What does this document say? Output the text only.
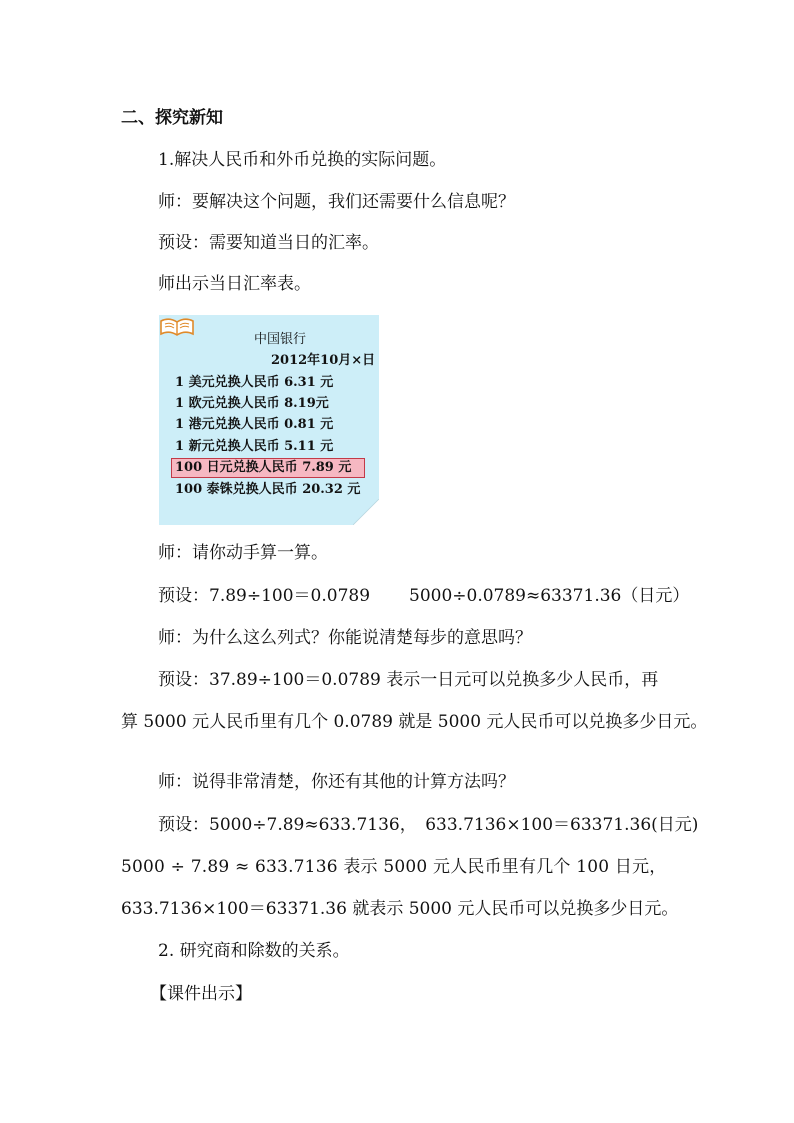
二、探究新知
1.解决人民币和外币兑换的实际问题。
师：要解决这个问题，我们还需要什么信息呢？
预设：需要知道当日的汇率。
师出示当日汇率表。
中国银行
2012年10月×日
1 美元兑换人民币 6.31 元
1 欧元兑换人民币 8.19元
1 港元兑换人民币 0.81 元
1 新元兑换人民币 5.11 元
100 日元兑换人民币 7.89 元
100 泰铢兑换人民币 20.32 元
师：请你动手算一算。
预设：7.89÷100＝0.0789 5000÷0.0789≈63371.36（日元）
师：为什么这么列式？你能说清楚每步的意思吗？
预设：37.89÷100＝0.0789 表示一日元可以兑换多少人民币，再
算 5000 元人民币里有几个 0.0789 就是 5000 元人民币可以兑换多少日元。
师：说得非常清楚，你还有其他的计算方法吗？
预设：5000÷7.89≈633.7136，　633.7136×100＝63371.36(日元)
5000 ÷ 7.89 ≈ 633.7136 表示 5000 元人民币里有几个 100 日元，
633.7136×100＝63371.36 就表示 5000 元人民币可以兑换多少日元。
2. 研究商和除数的关系。
【课件出示】
